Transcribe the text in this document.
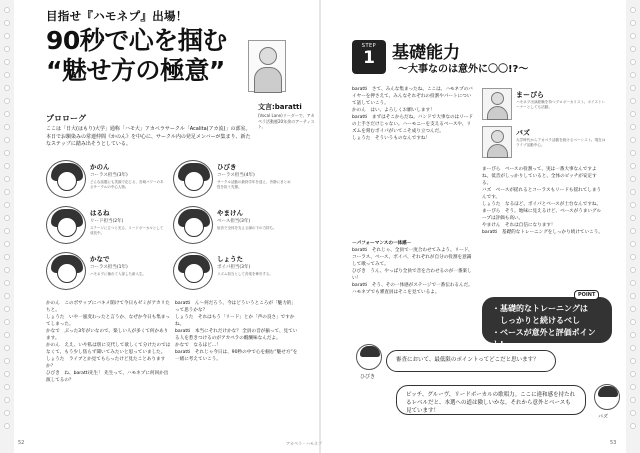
目指せ『ハモネプ』出場！
90秒で心を掴む
“魅せ方の極意”
文言:baratti
(Vocal Lane)リーダーで、アカペラ活動歴20年余のアーティスト。
プロローグ
ここは「日大(はもり)大学」通称「ハモ大」アカペラサークル「Acalita(アカ流)」の部室。本日でお馴染みの常連仲間《かのん》を中心に、サークル内の発足メンバーが集まり、新たなステップに踏み出そうとしている。
かのん
コーラス担当(3年)
どんな話題にも笑顔で応じる、音域パワーのあるサークルの中心人物。
ひびき
コーラス担当(4年)
サークル活動の最終学年を迎え、冷静にまとめ役を担う先輩。
はるね
リード担当(2年)
ステージに立つと光る、リードボーカルとして成長中。
やまけん
ベース担当(3年)
低音で全体を支える縁の下の力持ち。
かなで
コーラス担当(1年)
ハモネプに憧れて入部した新入生。
しょうた
ボイパ担当(3年)
リズム担当として音楽を牽引する。
かのん　このボサップにバキメ開けて今日もゼミがアカリたちと。
しょうた　いや一風変わったと言うか、なぜか今日も集まってしまった。
かなで　ぶった3年がいなので、楽しい人が多くて何かあります。
かのん　ええ、いや私は別に交代して欲しくて分けたのではなくて、もう少し焦らず聞いてみたいと思っていました。
しょうた　ライブとか見てもらったけど見たことありますか？
ひびき　ね、baratti先生！ 先生って、ハモネプに何回か出演してるの？
baratti　ん～何だろう、今はどういうところが「魅力的」って思うかな？
しょうた　それはもう「リード」とか「声の良さ」ですかね。
baratti　本当にそれだけかな？ 全員の音が揃って、見ている人を惹きつけるのがアカペラの醍醐味なんだよ。
かなで　なるほど…！
baratti　それじゃ今日は、90秒の中で心を掴む“魅せ方”を一緒に考えていこう。
52	アカペラ・ハモネプ
STEP
1	基礎能力
～大事なのは意外に〇〇!?～
baratti　さて、みんな集まったね。ここは、ハモネプのバイヤーを押さえて、みんなそれぞれの役割やパートについて話していこう。
かのん　はい、よろしくお願いします！
baratti　まずはそこからだね。バンドで大事なのはリードの上手さだけじゃない。ハーモニーを支えるベースや、リズムを刻むボイパがいてこそ成り立つんだ。
しょうた　そういうものなんですね！
－パフォーマンスの一体感－
baratti　それじゃ、全員で一度合わせてみよう。リード、コーラス、ベース、ボイパ、それぞれが自分の役割を意識して歌ってみて。
ひびき　うん、やっぱり全員で音を合わせるのが一番楽しい！
baratti　そう、その一体感がステージで一番伝わるんだ。ハモネプでも審査員はそこを見ているよ。
まーぴら
ハモネプ出演経験を持つプロボーカリスト。ボイストレーナーとしても活動。
バズ
大学時代からアカペラ活動を続けるベーシスト。現在はライブ活動中心。
まーぴら　ベースの役割って、実は一番大事なんですよね。低音がしっかりしていると、全体のピッチが安定する。
バズ　ベースが揺れるとコーラスもリードも揺れてしまうんです。
しょうた　なるほど、ボイパとベースが土台なんですね。
まーぴら　そう。地味に見えるけど、ベースがうまいグループは評価も高い。
やまけん　それは自信になります！
baratti　基礎的なトレーニングをしっかり続けていこう。
・基礎的なトレーニングは
　しっかりと続けるべし
・ベースが意外と評価ポイント!
POINT
ひびき
審査において、最低限のポイントってどこだと思います？
バズ
ピッチ、グルーヴ、リードボーカルの歌唱力。ここに違和感を持たれるレベルだと、本選への道は険しいかな。それから意外とベースも見ています！
53
